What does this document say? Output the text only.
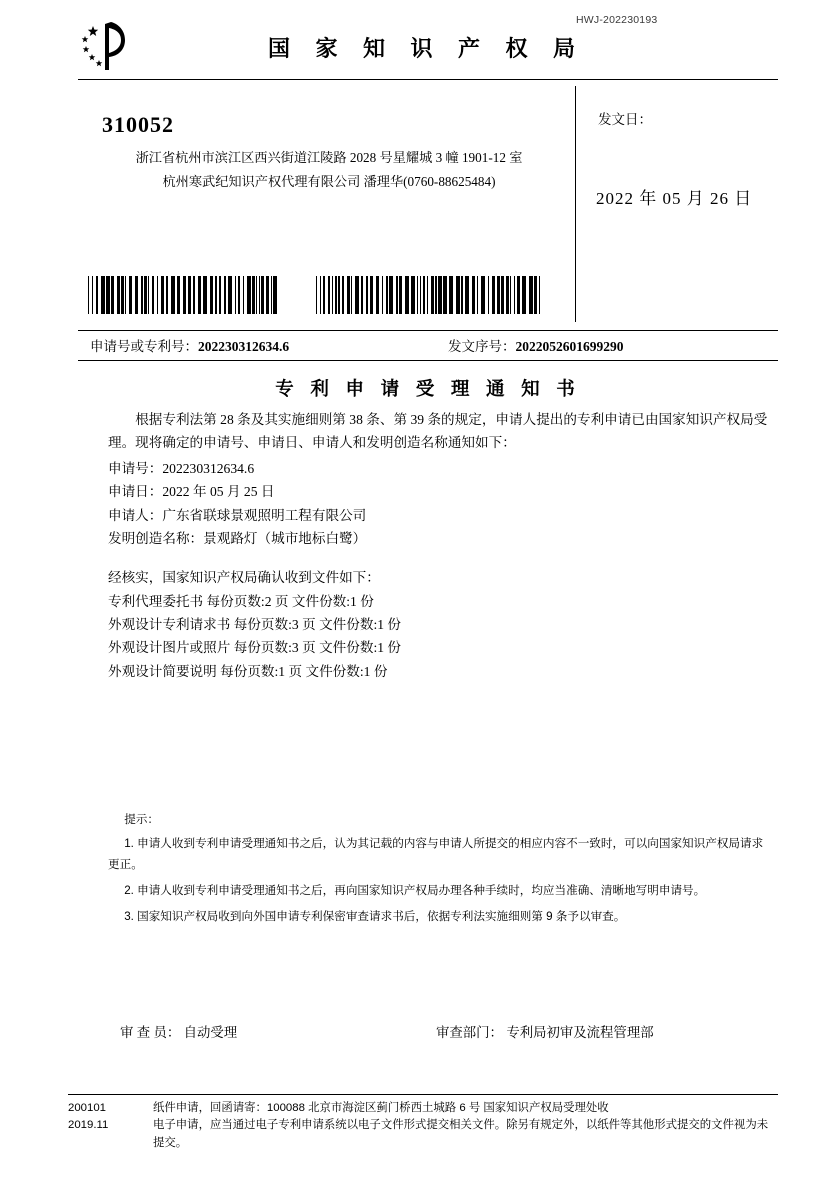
HWJ-202230193
国 家 知 识 产 权 局
310052
浙江省杭州市滨江区西兴街道江陵路 2028 号星耀城 3 幢 1901-12 室
杭州寒武纪知识产权代理有限公司 潘理华(0760-88625484)
发文日：
2022 年 05 月 26 日
申请号或专利号：202230312634.6	发文序号：2022052601699290
专 利 申 请 受 理 通 知 书

根据专利法第 28 条及其实施细则第 38 条、第 39 条的规定，申请人提出的专利申请已由国家知识产权局受理。现将确定的申请号、申请日、申请人和发明创造名称通知如下：

申请号：202230312634.6

申请日：2022 年 05 月 25 日

申请人：广东省联球景观照明工程有限公司

发明创造名称：景观路灯（城市地标白鹭）

经核实，国家知识产权局确认收到文件如下：

专利代理委托书 每份页数:2 页 文件份数:1 份

外观设计专利请求书 每份页数:3 页 文件份数:1 份

外观设计图片或照片 每份页数:3 页 文件份数:1 份

外观设计简要说明 每份页数:1 页 文件份数:1 份

提示：

1. 申请人收到专利申请受理通知书之后，认为其记载的内容与申请人所提交的相应内容不一致时，可以向国家知识产权局请求更正。

2. 申请人收到专利申请受理通知书之后，再向国家知识产权局办理各种手续时，均应当准确、清晰地写明申请号。

3. 国家知识产权局收到向外国申请专利保密审查请求书后，依据专利法实施细则第 9 条予以审查。

审 查 员： 自动受理	审查部门： 专利局初审及流程管理部
200101
2019.11
纸件申请，回函请寄：100088 北京市海淀区蓟门桥西土城路 6 号 国家知识产权局受理处收
电子申请，应当通过电子专利申请系统以电子文件形式提交相关文件。除另有规定外，以纸件等其他形式提交的文件视为未提交。
